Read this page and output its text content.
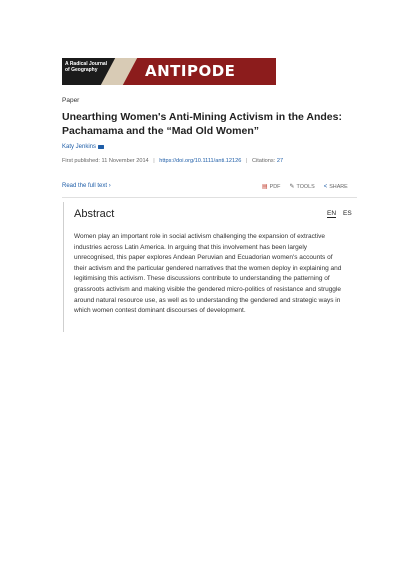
A Radical Journal of Geography	ANTIPODE
Paper
Unearthing Women's Anti-Mining Activism in the Andes: Pachamama and the “Mad Old Women”
Katy Jenkins
First published: 11 November 2014 | https://doi.org/10.1111/anti.12126 | Citations: 27
Read the full text ›	▤ PDF ✎ TOOLS < SHARE
Abstract	EN ES
Women play an important role in social activism challenging the expansion of extractive industries across Latin America. In arguing that this involvement has been largely unrecognised, this paper explores Andean Peruvian and Ecuadorian women's accounts of their activism and the particular gendered narratives that the women deploy in explaining and legitimising this activism. These discussions contribute to understanding the patterning of grassroots activism and making visible the gendered micro-politics of resistance and struggle around natural resource use, as well as to understanding the gendered and strategic ways in which women contest dominant discourses of development.
